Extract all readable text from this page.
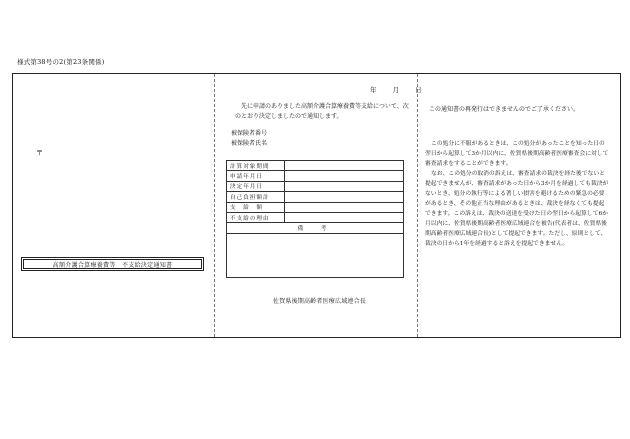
様式第38号の2(第23条関係)
〒
高額介護合算療養費等　不支給決定通知書
年 月 日
先に申請のありました高額介護合算療養費等支給について、次のとおり決定しましたので通知します。
被保険者番号
被保険者氏名
計算対象期間	
申請年月日	
決定年月日	
自己負担額計	
支　給　額	
不支給の理由	
備　考	

佐賀県後期高齢者医療広域連合長
この通知書の再発行はできませんのでご了承ください。

この処分に不服があるときは、この処分があったことを知った日の翌日から起算して3か月以内に、佐賀県後期高齢者医療審査会に対して審査請求をすることができます。

なお、この処分の取消の訴えは、審査請求の裁決を経た後でないと提起できませんが、審査請求があった日から3か月を経過しても裁決がないとき、処分の執行等による著しい損害を避けるための緊急の必要があるとき、その他正当な理由があるときは、裁決を経なくても提起できます。この訴えは、裁決の送達を受けた日の翌日から起算して6か月以内に、佐賀県後期高齢者医療広域連合を被告(代表者は、佐賀県後期高齢者医療広域連合長)として提起できます。ただし、原則として、裁決の日から1年を経過すると訴えを提起できません。
